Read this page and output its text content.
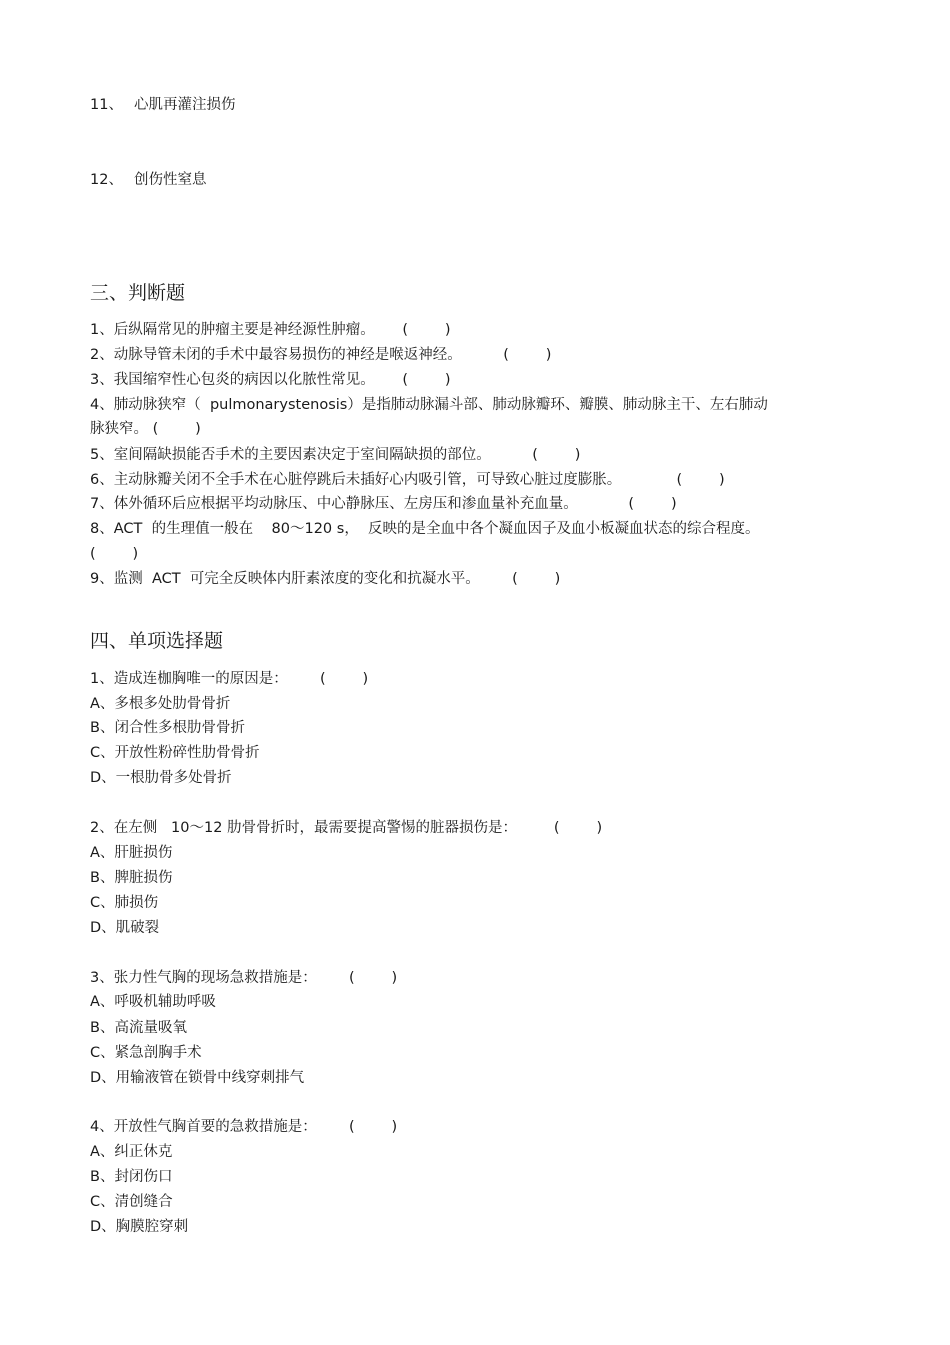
11、 心肌再灌注损伤
12、 创伤性窒息
三、判断题
1、后纵隔常见的肿瘤主要是神经源性肿瘤。      (        )
2、动脉导管未闭的手术中最容易损伤的神经是喉返神经。         (        )
3、我国缩窄性心包炎的病因以化脓性常见。      (        )
4、肺动脉狭窄（  pulmonarystenosis）是指肺动脉漏斗部、肺动脉瓣环、瓣膜、肺动脉主干、左右肺动
脉狭窄。 (        )
5、室间隔缺损能否手术的主要因素决定于室间隔缺损的部位。         (        )
6、主动脉瓣关闭不全手术在心脏停跳后未插好心内吸引管，可导致心脏过度膨胀。            (        )
7、体外循环后应根据平均动脉压、中心静脉压、左房压和渗血量补充血量。           (        )
8、ACT  的生理值一般在    80～120 s，  反映的是全血中各个凝血因子及血小板凝血状态的综合程度。
(        )
9、监测  ACT  可完全反映体内肝素浓度的变化和抗凝水平。       (        )
四、单项选择题
1、造成连枷胸唯一的原因是：       (        )
A、多根多处肋骨骨折
B、闭合性多根肋骨骨折
C、开放性粉碎性肋骨骨折
D、一根肋骨多处骨折
2、在左侧   10～12 肋骨骨折时，最需要提高警惕的脏器损伤是：        (        )
A、肝脏损伤
B、脾脏损伤
C、肺损伤
D、肌破裂
3、张力性气胸的现场急救措施是：       (        )
A、呼吸机辅助呼吸
B、高流量吸氧
C、紧急剖胸手术
D、用输液管在锁骨中线穿刺排气
4、开放性气胸首要的急救措施是：       (        )
A、纠正休克
B、封闭伤口
C、清创缝合
D、胸膜腔穿刺
